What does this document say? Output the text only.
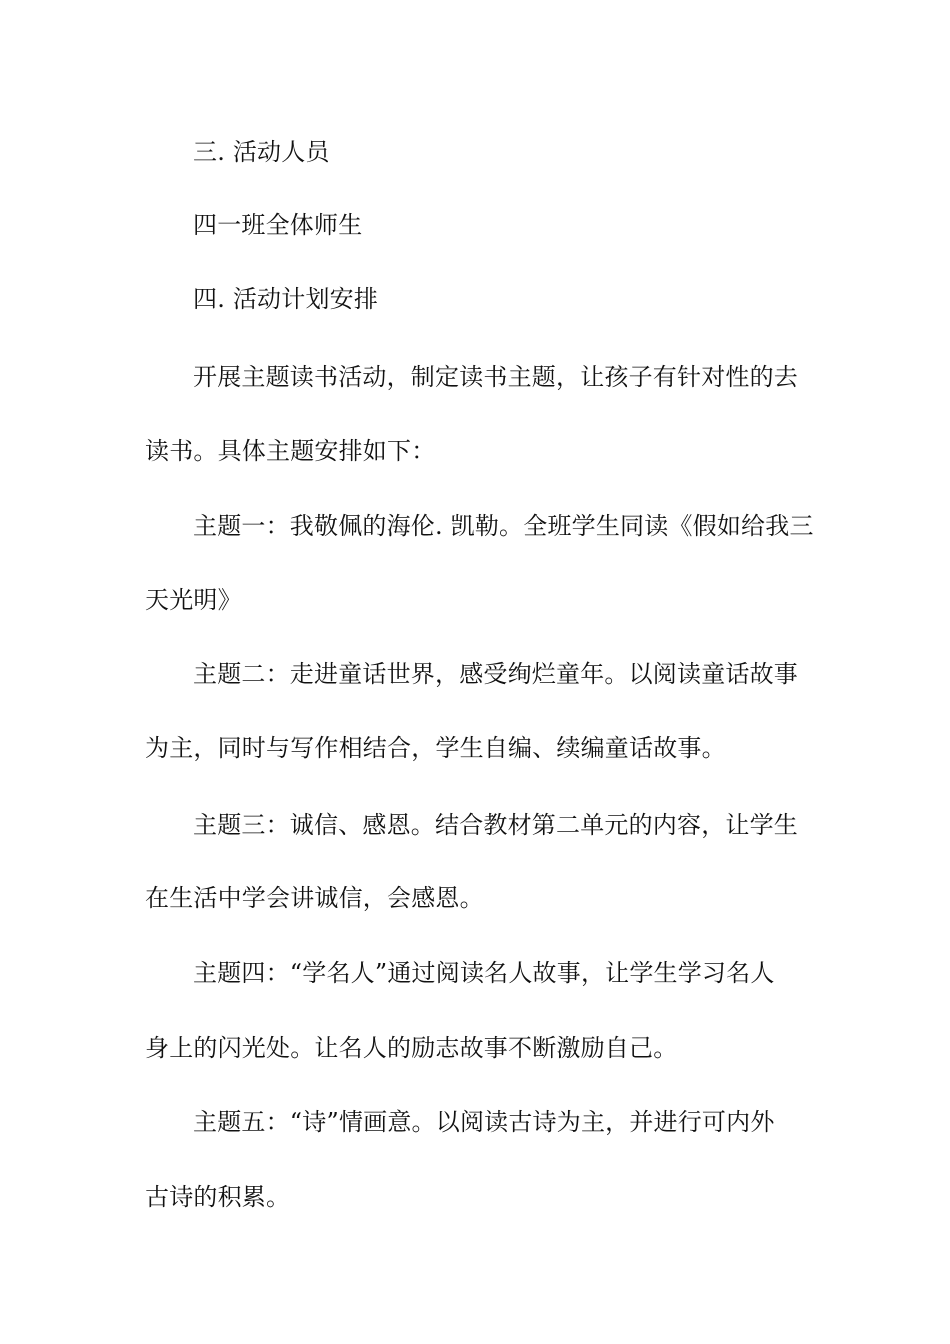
三. 活动人员
四一班全体师生
四. 活动计划安排
开展主题读书活动，制定读书主题，让孩子有针对性的去
读书。具体主题安排如下：
主题一：我敬佩的海伦. 凯勒。全班学生同读《假如给我三
天光明》
主题二：走进童话世界，感受绚烂童年。以阅读童话故事
为主，同时与写作相结合，学生自编、续编童话故事。
主题三：诚信、感恩。结合教材第二单元的内容，让学生
在生活中学会讲诚信，会感恩。
主题四：“学名人”通过阅读名人故事，让学生学习名人
身上的闪光处。让名人的励志故事不断激励自己。
主题五：“诗”情画意。以阅读古诗为主，并进行可内外
古诗的积累。
